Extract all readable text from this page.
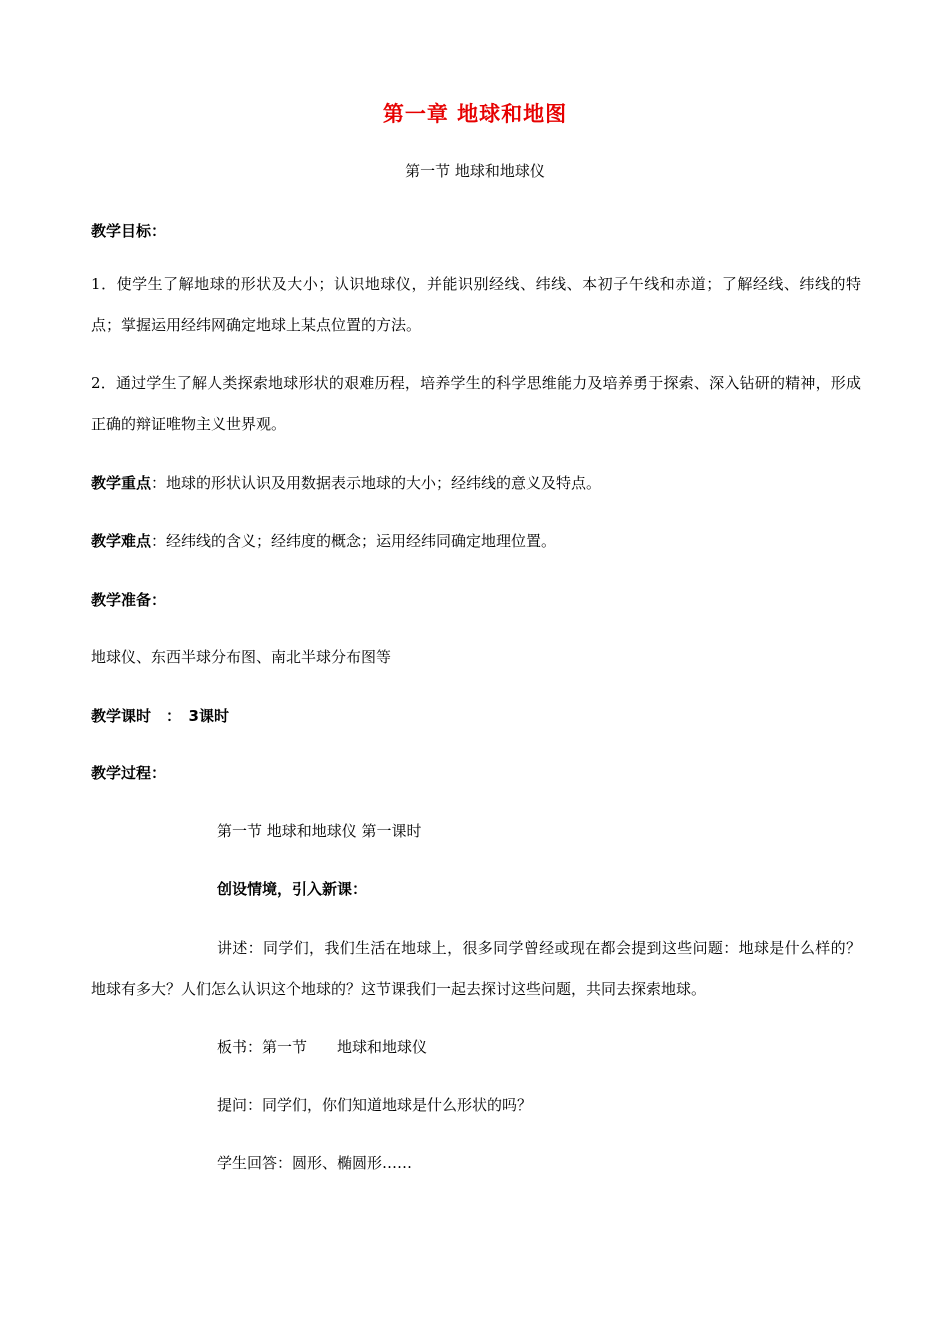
第一章 地球和地图
第一节 地球和地球仪
教学目标：
1．使学生了解地球的形状及大小；认识地球仪，并能识别经线、纬线、本初子午线和赤道；了解经线、纬线的特点；掌握运用经纬网确定地球上某点位置的方法。
2．通过学生了解人类探索地球形状的艰难历程，培养学生的科学思维能力及培养勇于探索、深入钻研的精神，形成正确的辩证唯物主义世界观。
教学重点：地球的形状认识及用数据表示地球的大小；经纬线的意义及特点。
教学难点：经纬线的含义；经纬度的概念；运用经纬同确定地理位置。
教学准备：
地球仪、东西半球分布图、南北半球分布图等
教学课时　：　3课时
教学过程：
第一节 地球和地球仪 第一课时
创设情境，引入新课：
讲述：同学们，我们生活在地球上，很多同学曾经或现在都会提到这些问题：地球是什么样的？地球有多大？人们怎么认识这个地球的？这节课我们一起去探讨这些问题，共同去探索地球。
板书：第一节　　地球和地球仪
提问：同学们，你们知道地球是什么形状的吗？
学生回答：圆形、椭圆形……
